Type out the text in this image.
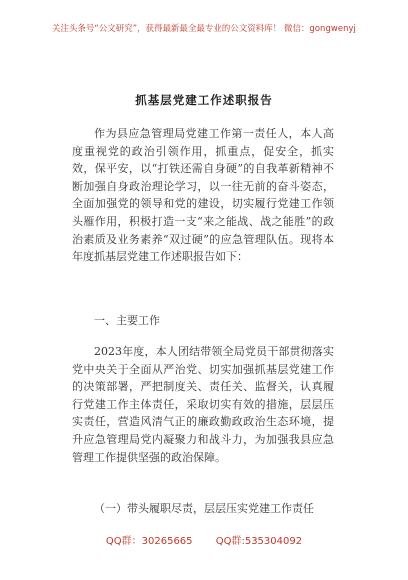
关注头条号“公文研究”，获得最新最全最专业的公文资料库！ 微信：gongwenyj
抓基层党建工作述职报告

作为县应急管理局党建工作第一责任人，本人高度重视党的政治引领作用，抓重点，促安全，抓实效，保平安，以“打铁还需自身硬”的自我革新精神不断加强自身政治理论学习，以一往无前的奋斗姿态，全面加强党的领导和党的建设，切实履行党建工作领头雁作用，积极打造一支“来之能战、战之能胜”的政治素质及业务素养“双过硬”的应急管理队伍。现将本年度抓基层党建工作述职报告如下：

一、主要工作

2023年度，本人团结带领全局党员干部贯彻落实党中央关于全面从严治党、切实加强抓基层党建工作的决策部署，严把制度关、责任关、监督关，认真履行党建工作主体责任，采取切实有效的措施，层层压实责任，营造风清气正的廉政勤政政治生态环境，提升应急管理局党内凝聚力和战斗力，为加强我县应急管理工作提供坚强的政治保障。

（一）带头履职尽责，层层压实党建工作责任

QQ群：30265665 QQ群:535304092
